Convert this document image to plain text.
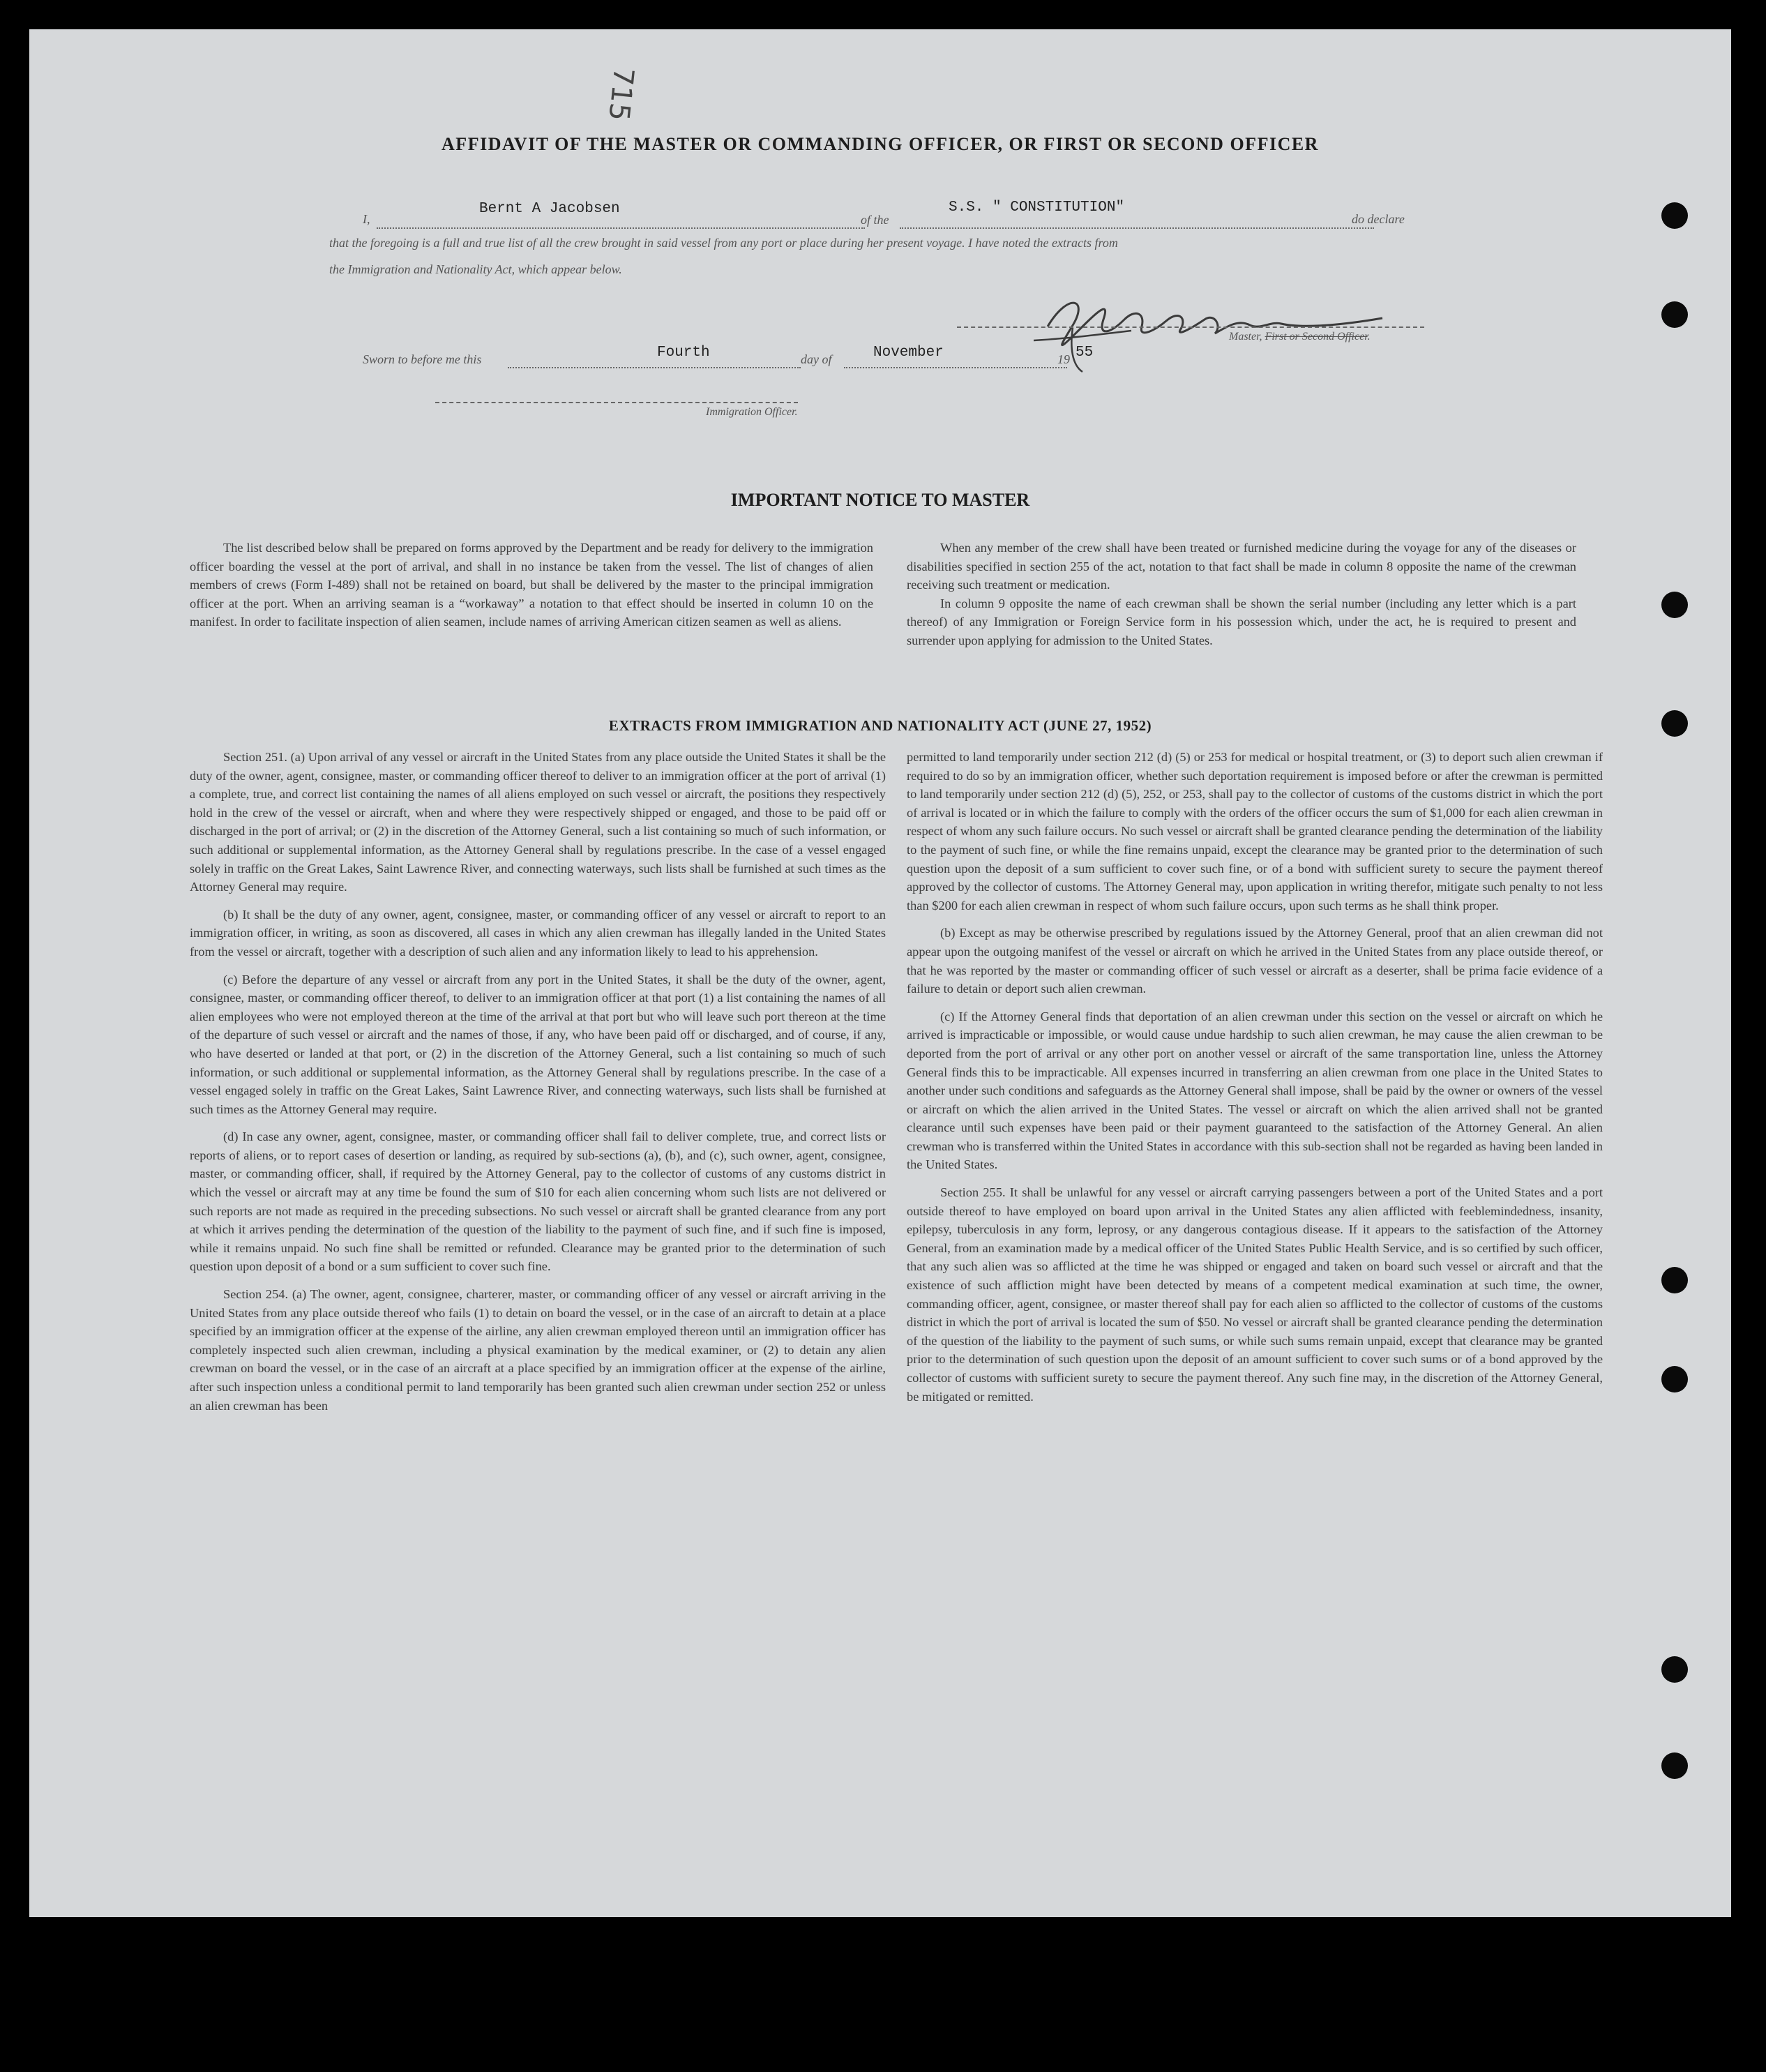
715
AFFIDAVIT OF THE MASTER OR COMMANDING OFFICER, OR FIRST OR SECOND OFFICER
I,
Bernt A Jacobsen
of the
S.S. " CONSTITUTION"
do declare
that the foregoing is a full and true list of all the crew brought in said vessel from any port or place during her present voyage. I have noted the extracts from
the Immigration and Nationality Act, which appear below.
Master, First or Second Officer.
Sworn to before me this	Fourth	day of	November	19 55
Immigration Officer.
IMPORTANT NOTICE TO MASTER

The list described below shall be prepared on forms approved by the Department and be ready for delivery to the immigration officer boarding the vessel at the port of arrival, and shall in no instance be taken from the vessel. The list of changes of alien members of crews (Form I-489) shall not be retained on board, but shall be delivered by the master to the principal immigration officer at the port. When an arriving seaman is a “workaway” a notation to that effect should be inserted in column 10 on the manifest. In order to facilitate inspection of alien seamen, include names of arriving American citizen seamen as well as aliens.

When any member of the crew shall have been treated or furnished medicine during the voyage for any of the diseases or disabilities specified in section 255 of the act, notation to that fact shall be made in column 8 opposite the name of the crewman receiving such treatment or medication.

In column 9 opposite the name of each crewman shall be shown the serial number (including any letter which is a part thereof) of any Immigration or Foreign Service form in his possession which, under the act, he is required to present and surrender upon applying for admission to the United States.

EXTRACTS FROM IMMIGRATION AND NATIONALITY ACT (JUNE 27, 1952)

Section 251. (a) Upon arrival of any vessel or aircraft in the United States from any place outside the United States it shall be the duty of the owner, agent, consignee, master, or commanding officer thereof to deliver to an immigration officer at the port of arrival (1) a complete, true, and correct list containing the names of all aliens employed on such vessel or aircraft, the positions they respectively hold in the crew of the vessel or aircraft, when and where they were respectively shipped or engaged, and those to be paid off or discharged in the port of arrival; or (2) in the discretion of the Attorney General, such a list containing so much of such information, or such additional or supplemental information, as the Attorney General shall by regulations prescribe. In the case of a vessel engaged solely in traffic on the Great Lakes, Saint Lawrence River, and connecting waterways, such lists shall be furnished at such times as the Attorney General may require.

(b) It shall be the duty of any owner, agent, consignee, master, or commanding officer of any vessel or aircraft to report to an immigration officer, in writing, as soon as discovered, all cases in which any alien crewman has illegally landed in the United States from the vessel or aircraft, together with a description of such alien and any information likely to lead to his apprehension.

(c) Before the departure of any vessel or aircraft from any port in the United States, it shall be the duty of the owner, agent, consignee, master, or commanding officer thereof, to deliver to an immigration officer at that port (1) a list containing the names of all alien employees who were not employed thereon at the time of the arrival at that port but who will leave such port thereon at the time of the departure of such vessel or aircraft and the names of those, if any, who have been paid off or discharged, and of course, if any, who have deserted or landed at that port, or (2) in the discretion of the Attorney General, such a list containing so much of such information, or such additional or supplemental information, as the Attorney General shall by regulations prescribe. In the case of a vessel engaged solely in traffic on the Great Lakes, Saint Lawrence River, and connecting waterways, such lists shall be furnished at such times as the Attorney General may require.

(d) In case any owner, agent, consignee, master, or commanding officer shall fail to deliver complete, true, and correct lists or reports of aliens, or to report cases of desertion or landing, as required by sub-sections (a), (b), and (c), such owner, agent, consignee, master, or commanding officer, shall, if required by the Attorney General, pay to the collector of customs of any customs district in which the vessel or aircraft may at any time be found the sum of $10 for each alien concerning whom such lists are not delivered or such reports are not made as required in the preceding subsections. No such vessel or aircraft shall be granted clearance from any port at which it arrives pending the determination of the question of the liability to the payment of such fine, and if such fine is imposed, while it remains unpaid. No such fine shall be remitted or refunded. Clearance may be granted prior to the determination of such question upon deposit of a bond or a sum sufficient to cover such fine.

Section 254. (a) The owner, agent, consignee, charterer, master, or commanding officer of any vessel or aircraft arriving in the United States from any place outside thereof who fails (1) to detain on board the vessel, or in the case of an aircraft to detain at a place specified by an immigration officer at the expense of the airline, any alien crewman employed thereon until an immigration officer has completely inspected such alien crewman, including a physical examination by the medical examiner, or (2) to detain any alien crewman on board the vessel, or in the case of an aircraft at a place specified by an immigration officer at the expense of the airline, after such inspection unless a conditional permit to land temporarily has been granted such alien crewman under section 252 or unless an alien crewman has been

permitted to land temporarily under section 212 (d) (5) or 253 for medical or hospital treatment, or (3) to deport such alien crewman if required to do so by an immigration officer, whether such deportation requirement is imposed before or after the crewman is permitted to land temporarily under section 212 (d) (5), 252, or 253, shall pay to the collector of customs of the customs district in which the port of arrival is located or in which the failure to comply with the orders of the officer occurs the sum of $1,000 for each alien crewman in respect of whom any such failure occurs. No such vessel or aircraft shall be granted clearance pending the determination of the liability to the payment of such fine, or while the fine remains unpaid, except the clearance may be granted prior to the determination of such question upon the deposit of a sum sufficient to cover such fine, or of a bond with sufficient surety to secure the payment thereof approved by the collector of customs. The Attorney General may, upon application in writing therefor, mitigate such penalty to not less than $200 for each alien crewman in respect of whom such failure occurs, upon such terms as he shall think proper.

(b) Except as may be otherwise prescribed by regulations issued by the Attorney General, proof that an alien crewman did not appear upon the outgoing manifest of the vessel or aircraft on which he arrived in the United States from any place outside thereof, or that he was reported by the master or commanding officer of such vessel or aircraft as a deserter, shall be prima facie evidence of a failure to detain or deport such alien crewman.

(c) If the Attorney General finds that deportation of an alien crewman under this section on the vessel or aircraft on which he arrived is impracticable or impossible, or would cause undue hardship to such alien crewman, he may cause the alien crewman to be deported from the port of arrival or any other port on another vessel or aircraft of the same transportation line, unless the Attorney General finds this to be impracticable. All expenses incurred in transferring an alien crewman from one place in the United States to another under such conditions and safeguards as the Attorney General shall impose, shall be paid by the owner or owners of the vessel or aircraft on which the alien arrived in the United States. The vessel or aircraft on which the alien arrived shall not be granted clearance until such expenses have been paid or their payment guaranteed to the satisfaction of the Attorney General. An alien crewman who is transferred within the United States in accordance with this sub-section shall not be regarded as having been landed in the United States.

Section 255. It shall be unlawful for any vessel or aircraft carrying passengers between a port of the United States and a port outside thereof to have employed on board upon arrival in the United States any alien afflicted with feeblemindedness, insanity, epilepsy, tuberculosis in any form, leprosy, or any dangerous contagious disease. If it appears to the satisfaction of the Attorney General, from an examination made by a medical officer of the United States Public Health Service, and is so certified by such officer, that any such alien was so afflicted at the time he was shipped or engaged and taken on board such vessel or aircraft and that the existence of such affliction might have been detected by means of a competent medical examination at such time, the owner, commanding officer, agent, consignee, or master thereof shall pay for each alien so afflicted to the collector of customs of the customs district in which the port of arrival is located the sum of $50. No vessel or aircraft shall be granted clearance pending the determination of the question of the liability to the payment of such sums, or while such sums remain unpaid, except that clearance may be granted prior to the determination of such question upon the deposit of an amount sufficient to cover such sums or of a bond approved by the collector of customs with sufficient surety to secure the payment thereof. Any such fine may, in the discretion of the Attorney General, be mitigated or remitted.
